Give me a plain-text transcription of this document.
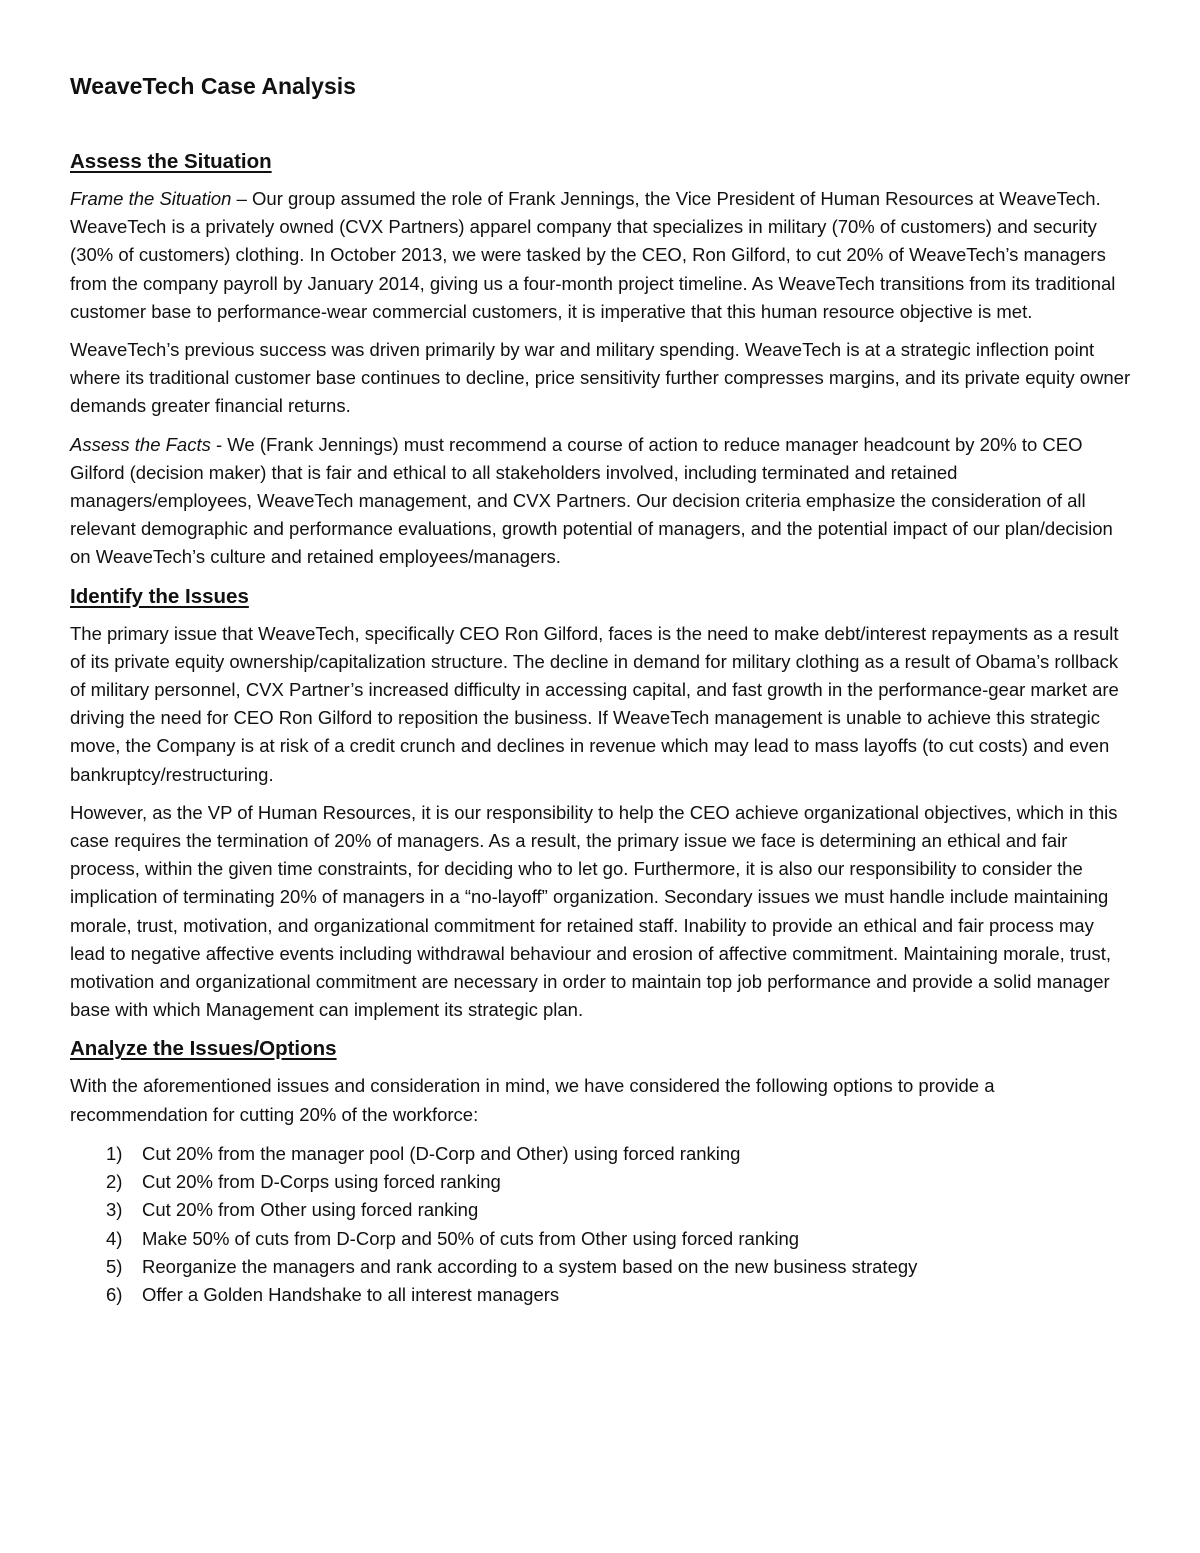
WeaveTech Case Analysis
Assess the Situation

Frame the Situation – Our group assumed the role of Frank Jennings, the Vice President of Human Resources at WeaveTech. WeaveTech is a privately owned (CVX Partners) apparel company that specializes in military (70% of customers) and security (30% of customers) clothing. In October 2013, we were tasked by the CEO, Ron Gilford, to cut 20% of WeaveTech’s managers from the company payroll by January 2014, giving us a four-month project timeline. As WeaveTech transitions from its traditional customer base to performance-wear commercial customers, it is imperative that this human resource objective is met.

WeaveTech’s previous success was driven primarily by war and military spending. WeaveTech is at a strategic inflection point where its traditional customer base continues to decline, price sensitivity further compresses margins, and its private equity owner demands greater financial returns.

Assess the Facts - We (Frank Jennings) must recommend a course of action to reduce manager headcount by 20% to CEO Gilford (decision maker) that is fair and ethical to all stakeholders involved, including terminated and retained managers/employees, WeaveTech management, and CVX Partners. Our decision criteria emphasize the consideration of all relevant demographic and performance evaluations, growth potential of managers, and the potential impact of our plan/decision on WeaveTech’s culture and retained employees/managers.

Identify the Issues

The primary issue that WeaveTech, specifically CEO Ron Gilford, faces is the need to make debt/interest repayments as a result of its private equity ownership/capitalization structure. The decline in demand for military clothing as a result of Obama’s rollback of military personnel, CVX Partner’s increased difficulty in accessing capital, and fast growth in the performance-gear market are driving the need for CEO Ron Gilford to reposition the business. If WeaveTech management is unable to achieve this strategic move, the Company is at risk of a credit crunch and declines in revenue which may lead to mass layoffs (to cut costs) and even bankruptcy/restructuring.

However, as the VP of Human Resources, it is our responsibility to help the CEO achieve organizational objectives, which in this case requires the termination of 20% of managers. As a result, the primary issue we face is determining an ethical and fair process, within the given time constraints, for deciding who to let go. Furthermore, it is also our responsibility to consider the implication of terminating 20% of managers in a “no-layoff” organization. Secondary issues we must handle include maintaining morale, trust, motivation, and organizational commitment for retained staff. Inability to provide an ethical and fair process may lead to negative affective events including withdrawal behaviour and erosion of affective commitment. Maintaining morale, trust, motivation and organizational commitment are necessary in order to maintain top job performance and provide a solid manager base with which Management can implement its strategic plan.

Analyze the Issues/Options

With the aforementioned issues and consideration in mind, we have considered the following options to provide a recommendation for cutting 20% of the workforce:

1)	Cut 20% from the manager pool (D-Corp and Other) using forced ranking
2)	Cut 20% from D-Corps using forced ranking
3)	Cut 20% from Other using forced ranking
4)	Make 50% of cuts from D-Corp and 50% of cuts from Other using forced ranking
5)	Reorganize the managers and rank according to a system based on the new business strategy
6)	Offer a Golden Handshake to all interest managers
